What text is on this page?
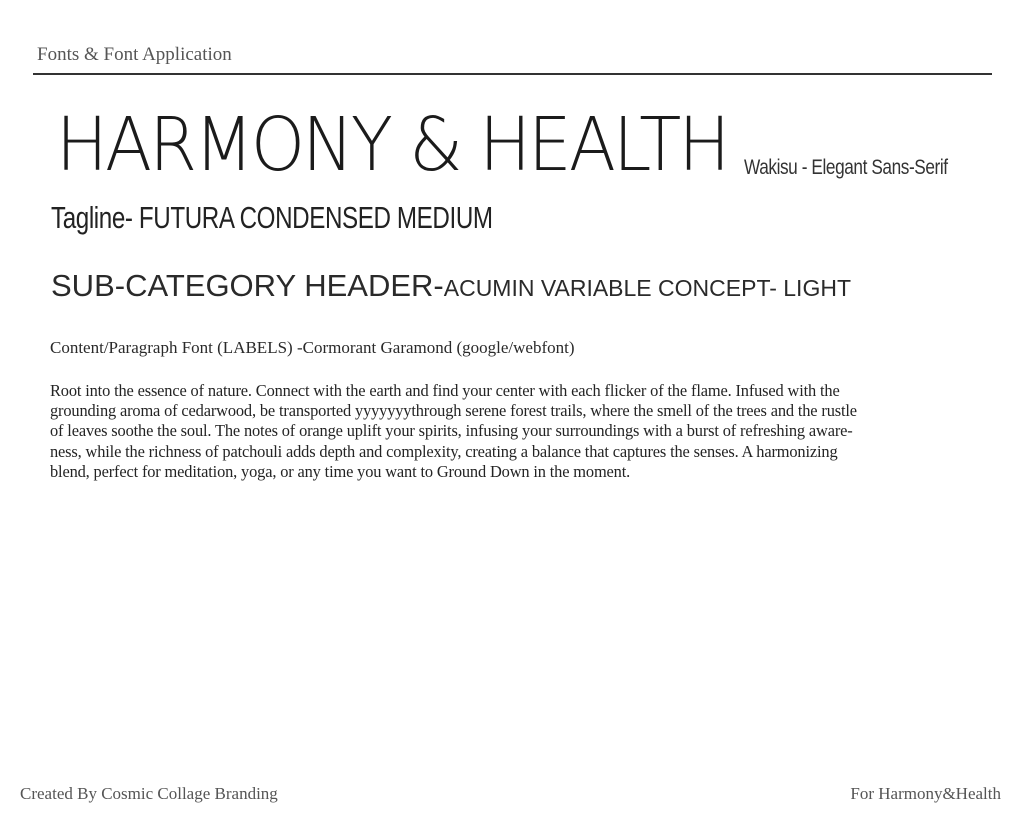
Fonts & Font Application
HARMONY & HEALTH Wakisu - Elegant Sans-Serif
Tagline- FUTURA CONDENSED MEDIUM
SUB-CATEGORY HEADER-ACUMIN VARIABLE CONCEPT- LIGHT
Content/Paragraph Font (LABELS) -Cormorant Garamond (google/webfont)
Root into the essence of nature. Connect with the earth and find your center with each flicker of the flame. Infused with the
grounding aroma of cedarwood, be transported yyyyyyythrough serene forest trails, where the smell of the trees and the rustle
of leaves soothe the soul. The notes of orange uplift your spirits, infusing your surroundings with a burst of refreshing aware-
ness, while the richness of patchouli adds depth and complexity, creating a balance that captures the senses. A harmonizing
blend, perfect for meditation, yoga, or any time you want to Ground Down in the moment.
Created By Cosmic Collage Branding	For Harmony&Health
